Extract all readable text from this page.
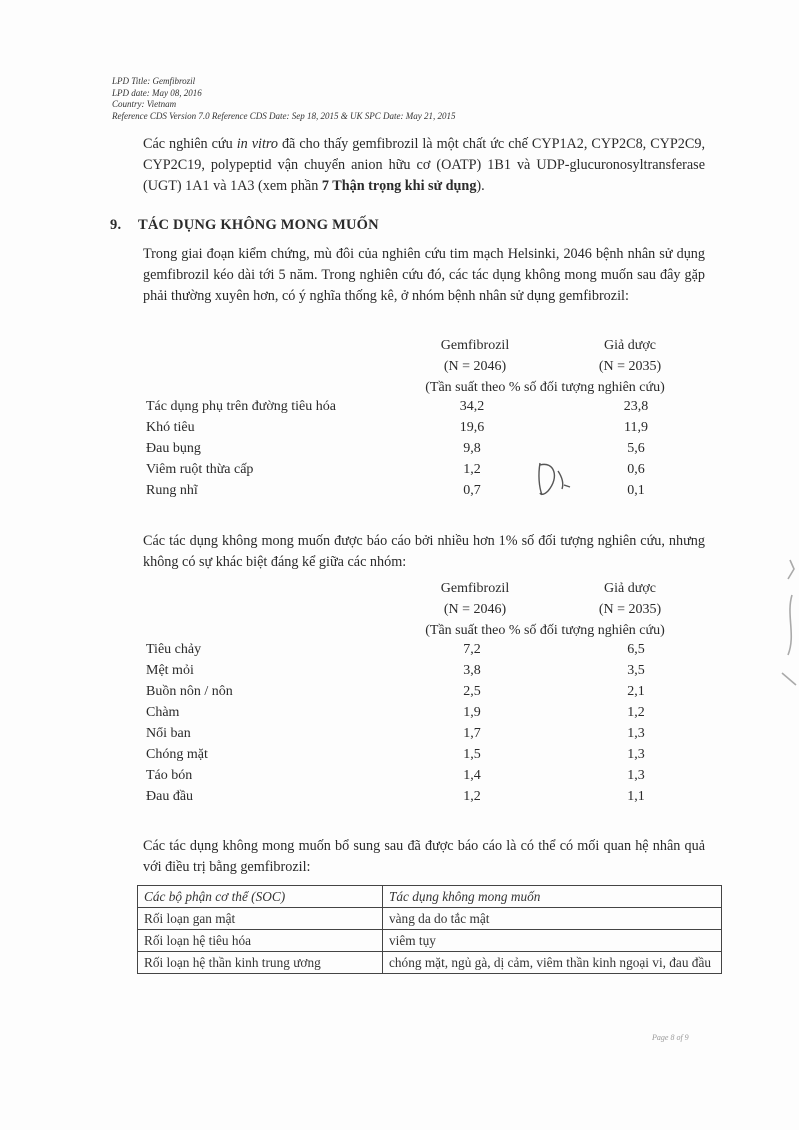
LPD Title: Gemfibrozil
LPD date: May 08, 2016
Country: Vietnam
Reference CDS Version 7.0 Reference CDS Date: Sep 18, 2015 & UK SPC Date: May 21, 2015
Các nghiên cứu in vitro đã cho thấy gemfibrozil là một chất ức chế CYP1A2, CYP2C8, CYP2C9, CYP2C19, polypeptid vận chuyển anion hữu cơ (OATP) 1B1 và UDP-glucuronosyltransferase (UGT) 1A1 và 1A3 (xem phần 7 Thận trọng khi sử dụng).
9. TÁC DỤNG KHÔNG MONG MUỐN
Trong giai đoạn kiểm chứng, mù đôi của nghiên cứu tim mạch Helsinki, 2046 bệnh nhân sử dụng gemfibrozil kéo dài tới 5 năm. Trong nghiên cứu đó, các tác dụng không mong muốn sau đây gặp phải thường xuyên hơn, có ý nghĩa thống kê, ở nhóm bệnh nhân sử dụng gemfibrozil:
Gemfibrozil
(N = 2046)
Giả dược
(N = 2035)
(Tần suất theo % số đối tượng nghiên cứu)
Tác dụng phụ trên đường tiêu hóa	34,2	23,8
Khó tiêu	19,6	11,9
Đau bụng	9,8	5,6
Viêm ruột thừa cấp	1,2	0,6
Rung nhĩ	0,7	0,1
Các tác dụng không mong muốn được báo cáo bởi nhiều hơn 1% số đối tượng nghiên cứu, nhưng không có sự khác biệt đáng kể giữa các nhóm:
Gemfibrozil
(N = 2046)
Giả dược
(N = 2035)
(Tần suất theo % số đối tượng nghiên cứu)
Tiêu chảy	7,2	6,5
Mệt mỏi	3,8	3,5
Buồn nôn / nôn	2,5	2,1
Chàm	1,9	1,2
Nổi ban	1,7	1,3
Chóng mặt	1,5	1,3
Táo bón	1,4	1,3
Đau đầu	1,2	1,1
Các tác dụng không mong muốn bổ sung sau đã được báo cáo là có thể có mối quan hệ nhân quả với điều trị bằng gemfibrozil:
Các bộ phận cơ thể (SOC)	Tác dụng không mong muốn
Rối loạn gan mật	vàng da do tắc mật
Rối loạn hệ tiêu hóa	viêm tụy
Rối loạn hệ thần kinh trung ương	chóng mặt, ngủ gà, dị cảm, viêm thần kinh ngoại vi, đau đầu
Page 8 of 9
